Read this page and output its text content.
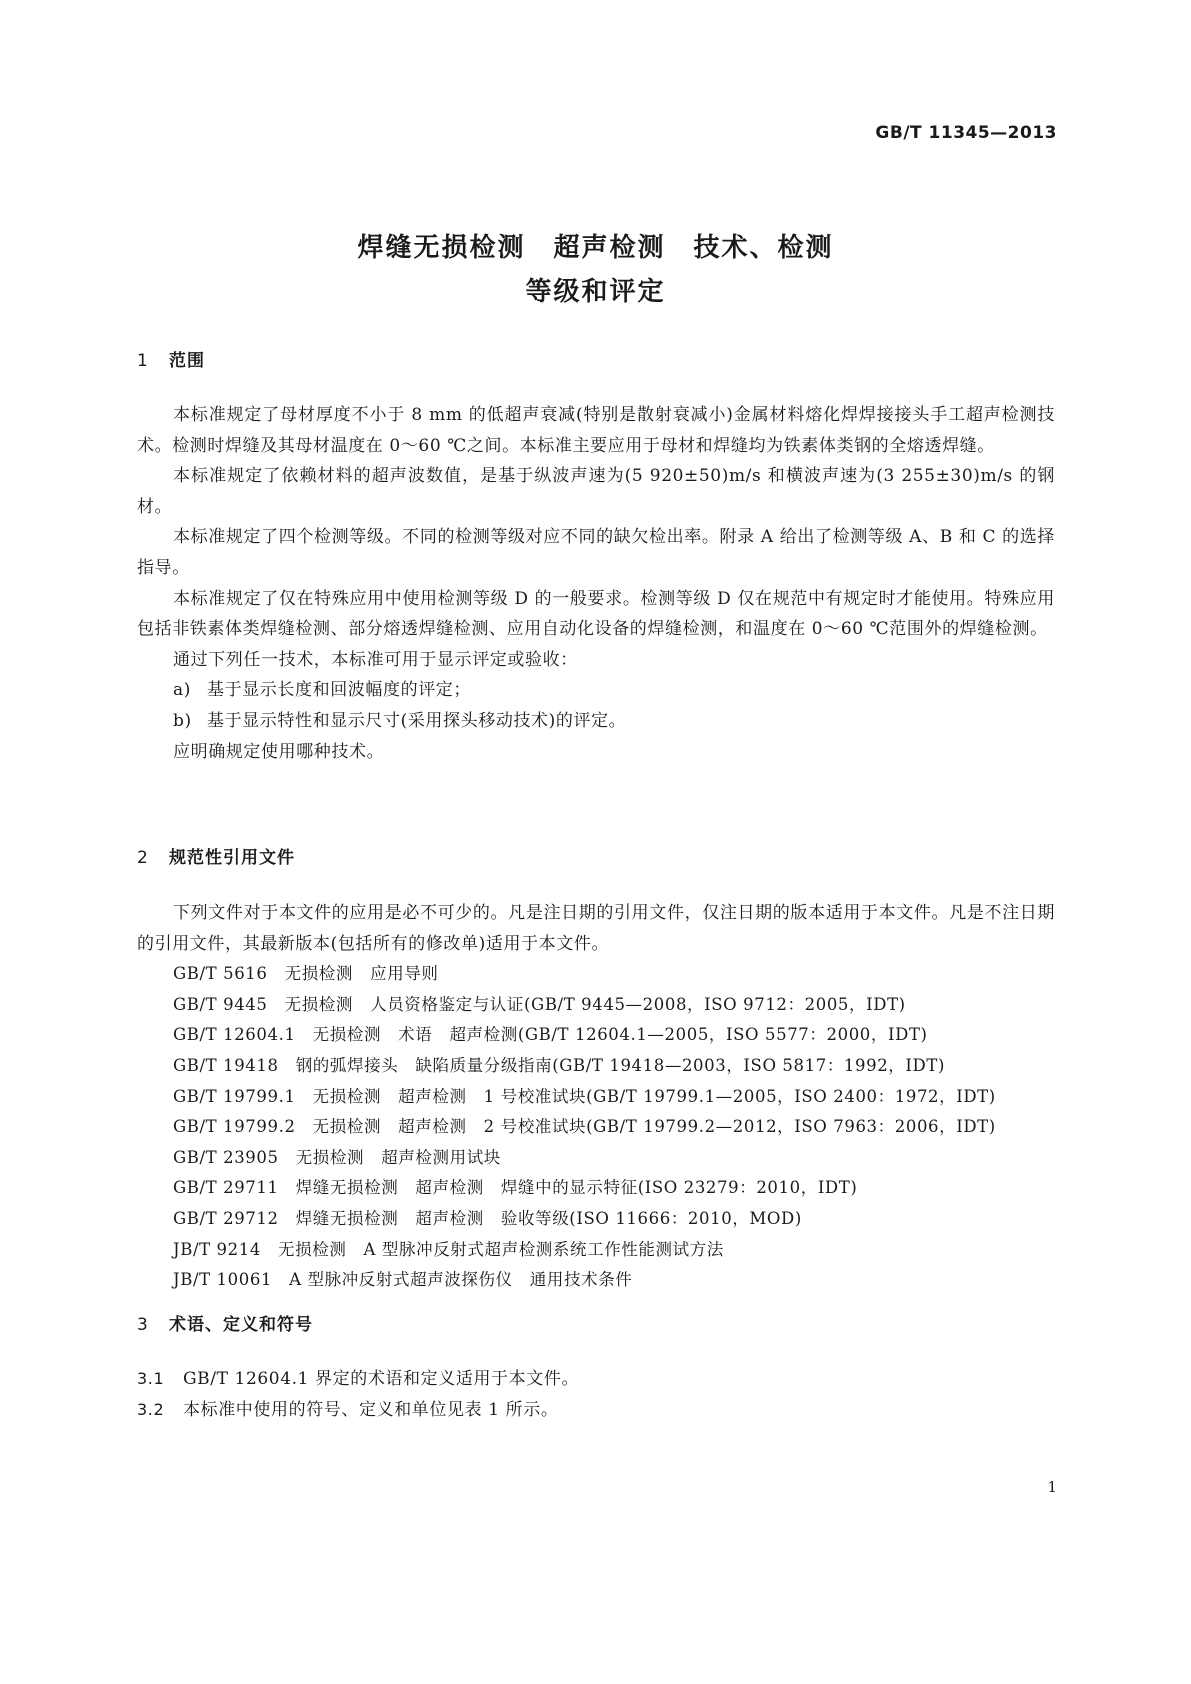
GB/T 11345—2013
焊缝无损检测　超声检测　技术、检测
等级和评定
1 范围

本标准规定了母材厚度不小于 8 mm 的低超声衰减(特别是散射衰减小)金属材料熔化焊焊接接头手工超声检测技术。检测时焊缝及其母材温度在 0～60 ℃之间。本标准主要应用于母材和焊缝均为铁素体类钢的全熔透焊缝。

本标准规定了依赖材料的超声波数值，是基于纵波声速为(5 920±50)m/s 和横波声速为(3 255±30)m/s 的钢材。

本标准规定了四个检测等级。不同的检测等级对应不同的缺欠检出率。附录 A 给出了检测等级 A、B 和 C 的选择指导。

本标准规定了仅在特殊应用中使用检测等级 D 的一般要求。检测等级 D 仅在规范中有规定时才能使用。特殊应用包括非铁素体类焊缝检测、部分熔透焊缝检测、应用自动化设备的焊缝检测，和温度在 0～60 ℃范围外的焊缝检测。

通过下列任一技术，本标准可用于显示评定或验收：

a) 基于显示长度和回波幅度的评定；

b) 基于显示特性和显示尺寸(采用探头移动技术)的评定。

应明确规定使用哪种技术。

2 规范性引用文件

下列文件对于本文件的应用是必不可少的。凡是注日期的引用文件，仅注日期的版本适用于本文件。凡是不注日期的引用文件，其最新版本(包括所有的修改单)适用于本文件。

GB/T 5616　无损检测　应用导则

GB/T 9445　无损检测　人员资格鉴定与认证(GB/T 9445—2008，ISO 9712：2005，IDT)

GB/T 12604.1　无损检测　术语　超声检测(GB/T 12604.1—2005，ISO 5577：2000，IDT)

GB/T 19418　钢的弧焊接头　缺陷质量分级指南(GB/T 19418—2003，ISO 5817：1992，IDT)

GB/T 19799.1　无损检测　超声检测　1 号校准试块(GB/T 19799.1—2005，ISO 2400：1972，IDT)

GB/T 19799.2　无损检测　超声检测　2 号校准试块(GB/T 19799.2—2012，ISO 7963：2006，IDT)

GB/T 23905　无损检测　超声检测用试块

GB/T 29711　焊缝无损检测　超声检测　焊缝中的显示特征(ISO 23279：2010，IDT)

GB/T 29712　焊缝无损检测　超声检测　验收等级(ISO 11666：2010，MOD)

JB/T 9214　无损检测　A 型脉冲反射式超声检测系统工作性能测试方法

JB/T 10061　A 型脉冲反射式超声波探伤仪　通用技术条件

3 术语、定义和符号

3.1 GB/T 12604.1 界定的术语和定义适用于本文件。

3.2 本标准中使用的符号、定义和单位见表 1 所示。

1
